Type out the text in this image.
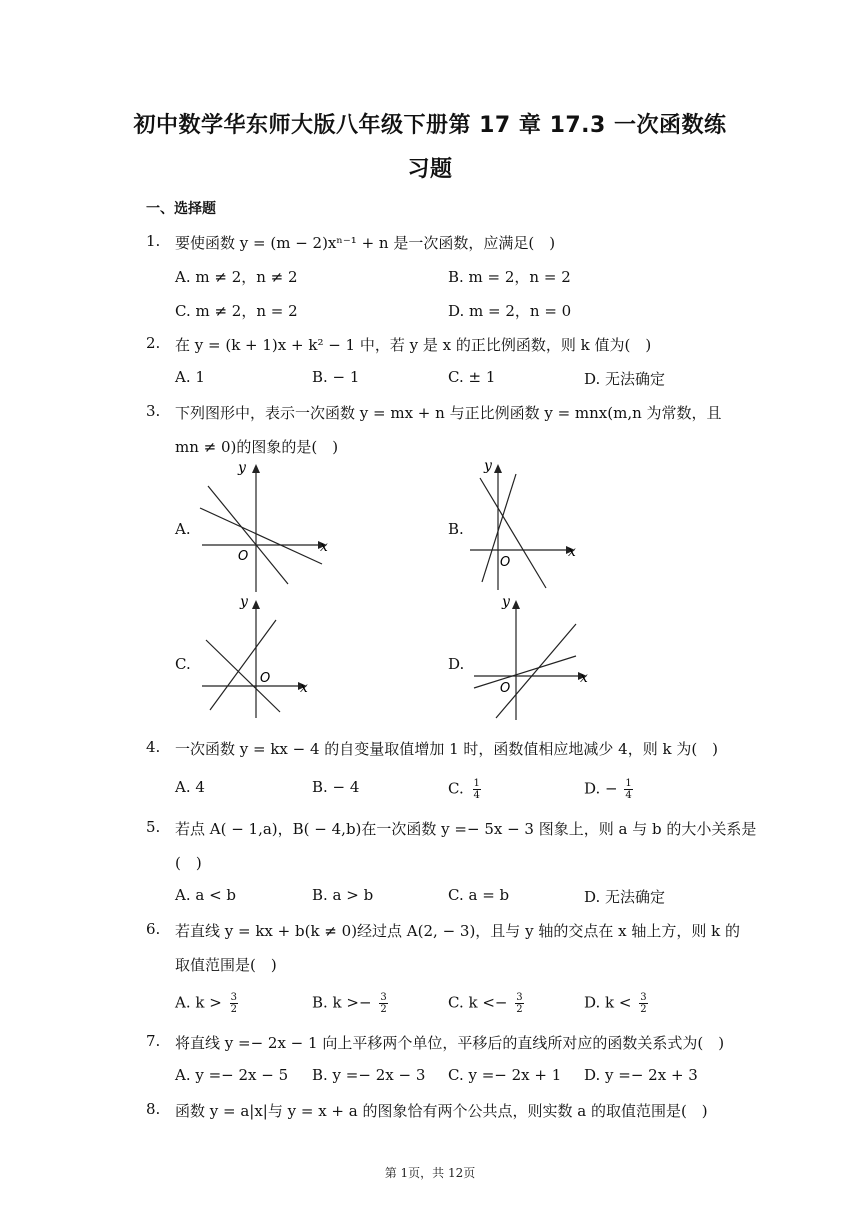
初中数学华东师大版八年级下册第 17 章 17.3 一次函数练
习题
一、选择题
1. 要使函数 y = (m − 2)xⁿ⁻¹ + n 是一次函数，应满足(　)
A. m ≠ 2，n ≠ 2	B. m = 2，n = 2
C. m ≠ 2，n = 2	D. m = 2，n = 0
2. 在 y = (k + 1)x + k² − 1 中，若 y 是 x 的正比例函数，则 k 值为(　)
A. 1	B. − 1	C. ± 1	D. 无法确定
3. 下列图形中，表示一次函数 y = mx + n 与正比例函数 y = mnx(m,n 为常数，且
mn ≠ 0)的图象的是(　)
A.	B.
C.	D.
y
x
O
y
x
O
y
x
O
y
x
O
4. 一次函数 y = kx − 4 的自变量取值增加 1 时，函数值相应地减少 4，则 k 为(　)
A. 4	B. − 4	C. $\frac{1}{4}$	D. − $\frac{1}{4}$
5. 若点 A( − 1,a)，B( − 4,b)在一次函数 y =− 5x − 3 图象上，则 a 与 b 的大小关系是
(　)
A. a < b	B. a > b	C. a = b	D. 无法确定
6. 若直线 y = kx + b(k ≠ 0)经过点 A(2, − 3)，且与 y 轴的交点在 x 轴上方，则 k 的
取值范围是(　)
A. $k > \frac{3}{2}$	B. $k >- \frac{3}{2}$	C. $k <- \frac{3}{2}$	D. $k < \frac{3}{2}$
7. 将直线 y =− 2x − 1 向上平移两个单位，平移后的直线所对应的函数关系式为(　)
A. y =− 2x − 5 B. y =− 2x − 3 C. y =− 2x + 1 D. y =− 2x + 3
8. 函数 y = a|x|与 y = x + a 的图象恰有两个公共点，则实数 a 的取值范围是(　)
第 1页，共 12页
